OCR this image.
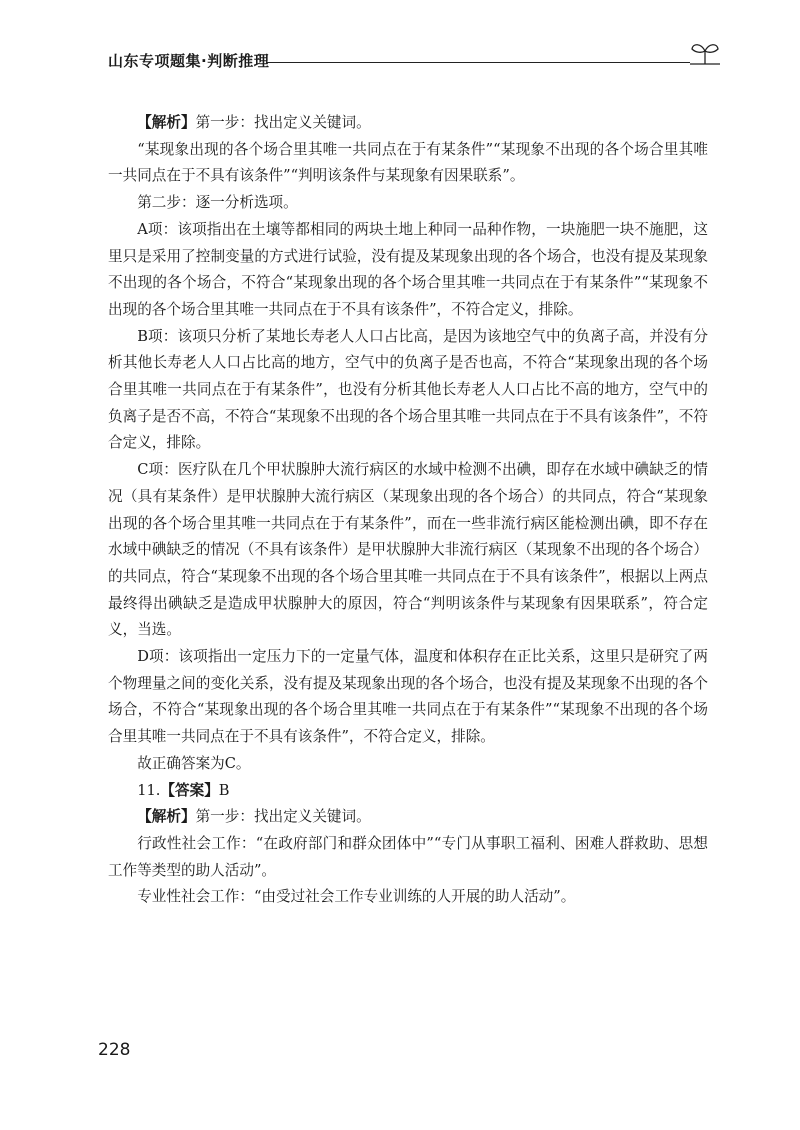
山东专项题集·判断推理

【解析】第一步：找出定义关键词。

“某现象出现的各个场合里其唯一共同点在于有某条件”“某现象不出现的各个场合里其唯一共同点在于不具有该条件”“判明该条件与某现象有因果联系”。

第二步：逐一分析选项。

A项：该项指出在土壤等都相同的两块土地上种同一品种作物，一块施肥一块不施肥，这里只是采用了控制变量的方式进行试验，没有提及某现象出现的各个场合，也没有提及某现象不出现的各个场合，不符合“某现象出现的各个场合里其唯一共同点在于有某条件”“某现象不出现的各个场合里其唯一共同点在于不具有该条件”，不符合定义，排除。

B项：该项只分析了某地长寿老人人口占比高，是因为该地空气中的负离子高，并没有分析其他长寿老人人口占比高的地方，空气中的负离子是否也高，不符合“某现象出现的各个场合里其唯一共同点在于有某条件”，也没有分析其他长寿老人人口占比不高的地方，空气中的负离子是否不高，不符合“某现象不出现的各个场合里其唯一共同点在于不具有该条件”，不符合定义，排除。

C项：医疗队在几个甲状腺肿大流行病区的水域中检测不出碘，即存在水域中碘缺乏的情况（具有某条件）是甲状腺肿大流行病区（某现象出现的各个场合）的共同点，符合“某现象出现的各个场合里其唯一共同点在于有某条件”，而在一些非流行病区能检测出碘，即不存在水域中碘缺乏的情况（不具有该条件）是甲状腺肿大非流行病区（某现象不出现的各个场合）的共同点，符合“某现象不出现的各个场合里其唯一共同点在于不具有该条件”，根据以上两点最终得出碘缺乏是造成甲状腺肿大的原因，符合“判明该条件与某现象有因果联系”，符合定义，当选。

D项：该项指出一定压力下的一定量气体，温度和体积存在正比关系，这里只是研究了两个物理量之间的变化关系，没有提及某现象出现的各个场合，也没有提及某现象不出现的各个场合，不符合“某现象出现的各个场合里其唯一共同点在于有某条件”“某现象不出现的各个场合里其唯一共同点在于不具有该条件”，不符合定义，排除。

故正确答案为C。

11.【答案】B

【解析】第一步：找出定义关键词。

行政性社会工作：“在政府部门和群众团体中”“专门从事职工福利、困难人群救助、思想工作等类型的助人活动”。

专业性社会工作：“由受过社会工作专业训练的人开展的助人活动”。

228
